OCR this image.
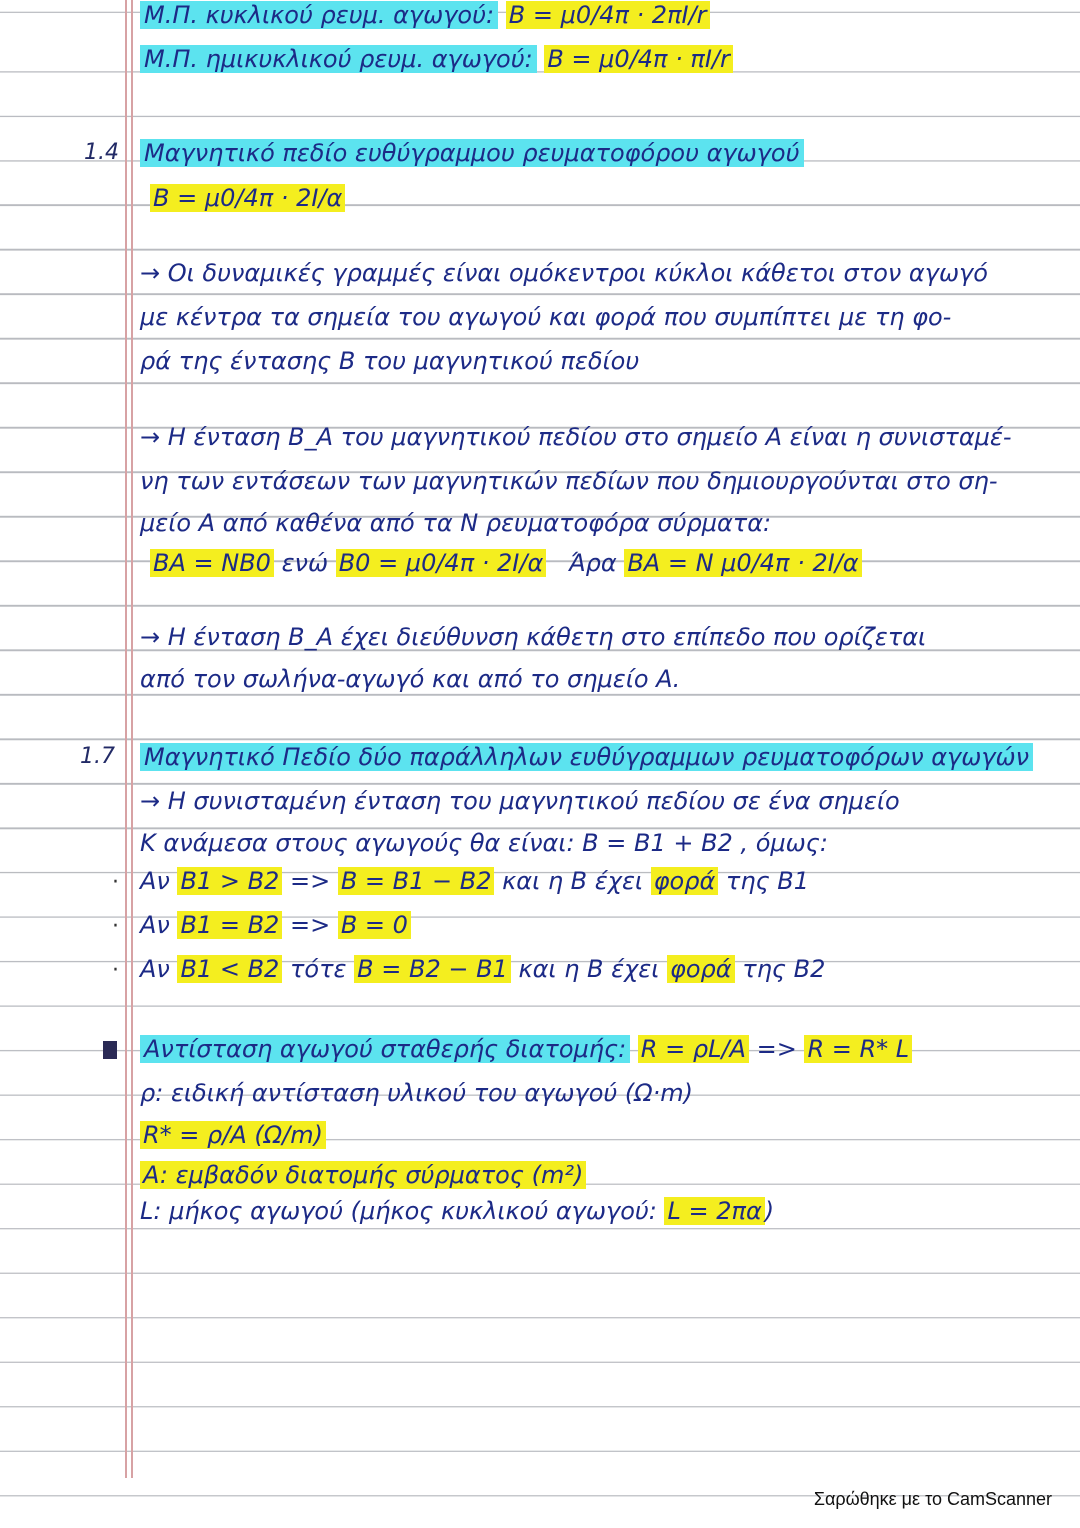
Μ.Π. κυκλικού ρευμ. αγωγού: B = μ0/4π · 2πΙ/r
Μ.Π. ημικυκλικού ρευμ. αγωγού: B = μ0/4π · πΙ/r
1.4 Μαγνητικό πεδίο ευθύγραμμου ρευματοφόρου αγωγού
B = μ0/4π · 2Ι/α
→ Οι δυναμικές γραμμές είναι ομόκεντροι κύκλοι κάθετοι στον αγωγό
με κέντρα τα σημεία του αγωγού και φορά που συμπίπτει με τη φο-
ρά της έντασης B του μαγνητικού πεδίου
→ Η ένταση B_A του μαγνητικού πεδίου στο σημείο Α είναι η συνισταμέ-
νη των εντάσεων των μαγνητικών πεδίων που δημιουργούνται στο ση-
μείο Α από καθένα από τα Ν ρευματοφόρα σύρματα:
BA = NB0 ενώ B0 = μ0/4π · 2Ι/α Άρα BA = N μ0/4π · 2Ι/α
→ Η ένταση B_A έχει διεύθυνση κάθετη στο επίπεδο που ορίζεται
από τον σωλήνα-αγωγό και από το σημείο Α.
1.7 Μαγνητικό Πεδίο δύο παράλληλων ευθύγραμμων ρευματοφόρων αγωγών
→ Η συνισταμένη ένταση του μαγνητικού πεδίου σε ένα σημείο
Κ ανάμεσα στους αγωγούς θα είναι: B = B1 + B2 , όμως:
· Αν B1 > B2 => B = B1 − B2 και η B έχει φορά της B1
· Αν B1 = B2 => B = 0
· Αν B1 < B2 τότε B = B2 − B1 και η B έχει φορά της B2
Αντίσταση αγωγού σταθερής διατομής: R = ρL/A => R = R* L
ρ: ειδική αντίσταση υλικού του αγωγού (Ω·m)
R* = ρ/A (Ω/m)
A: εμβαδόν διατομής σύρματος (m²)
L: μήκος αγωγού (μήκος κυκλικού αγωγού: L = 2πα )
Σαρώθηκε με το CamScanner
